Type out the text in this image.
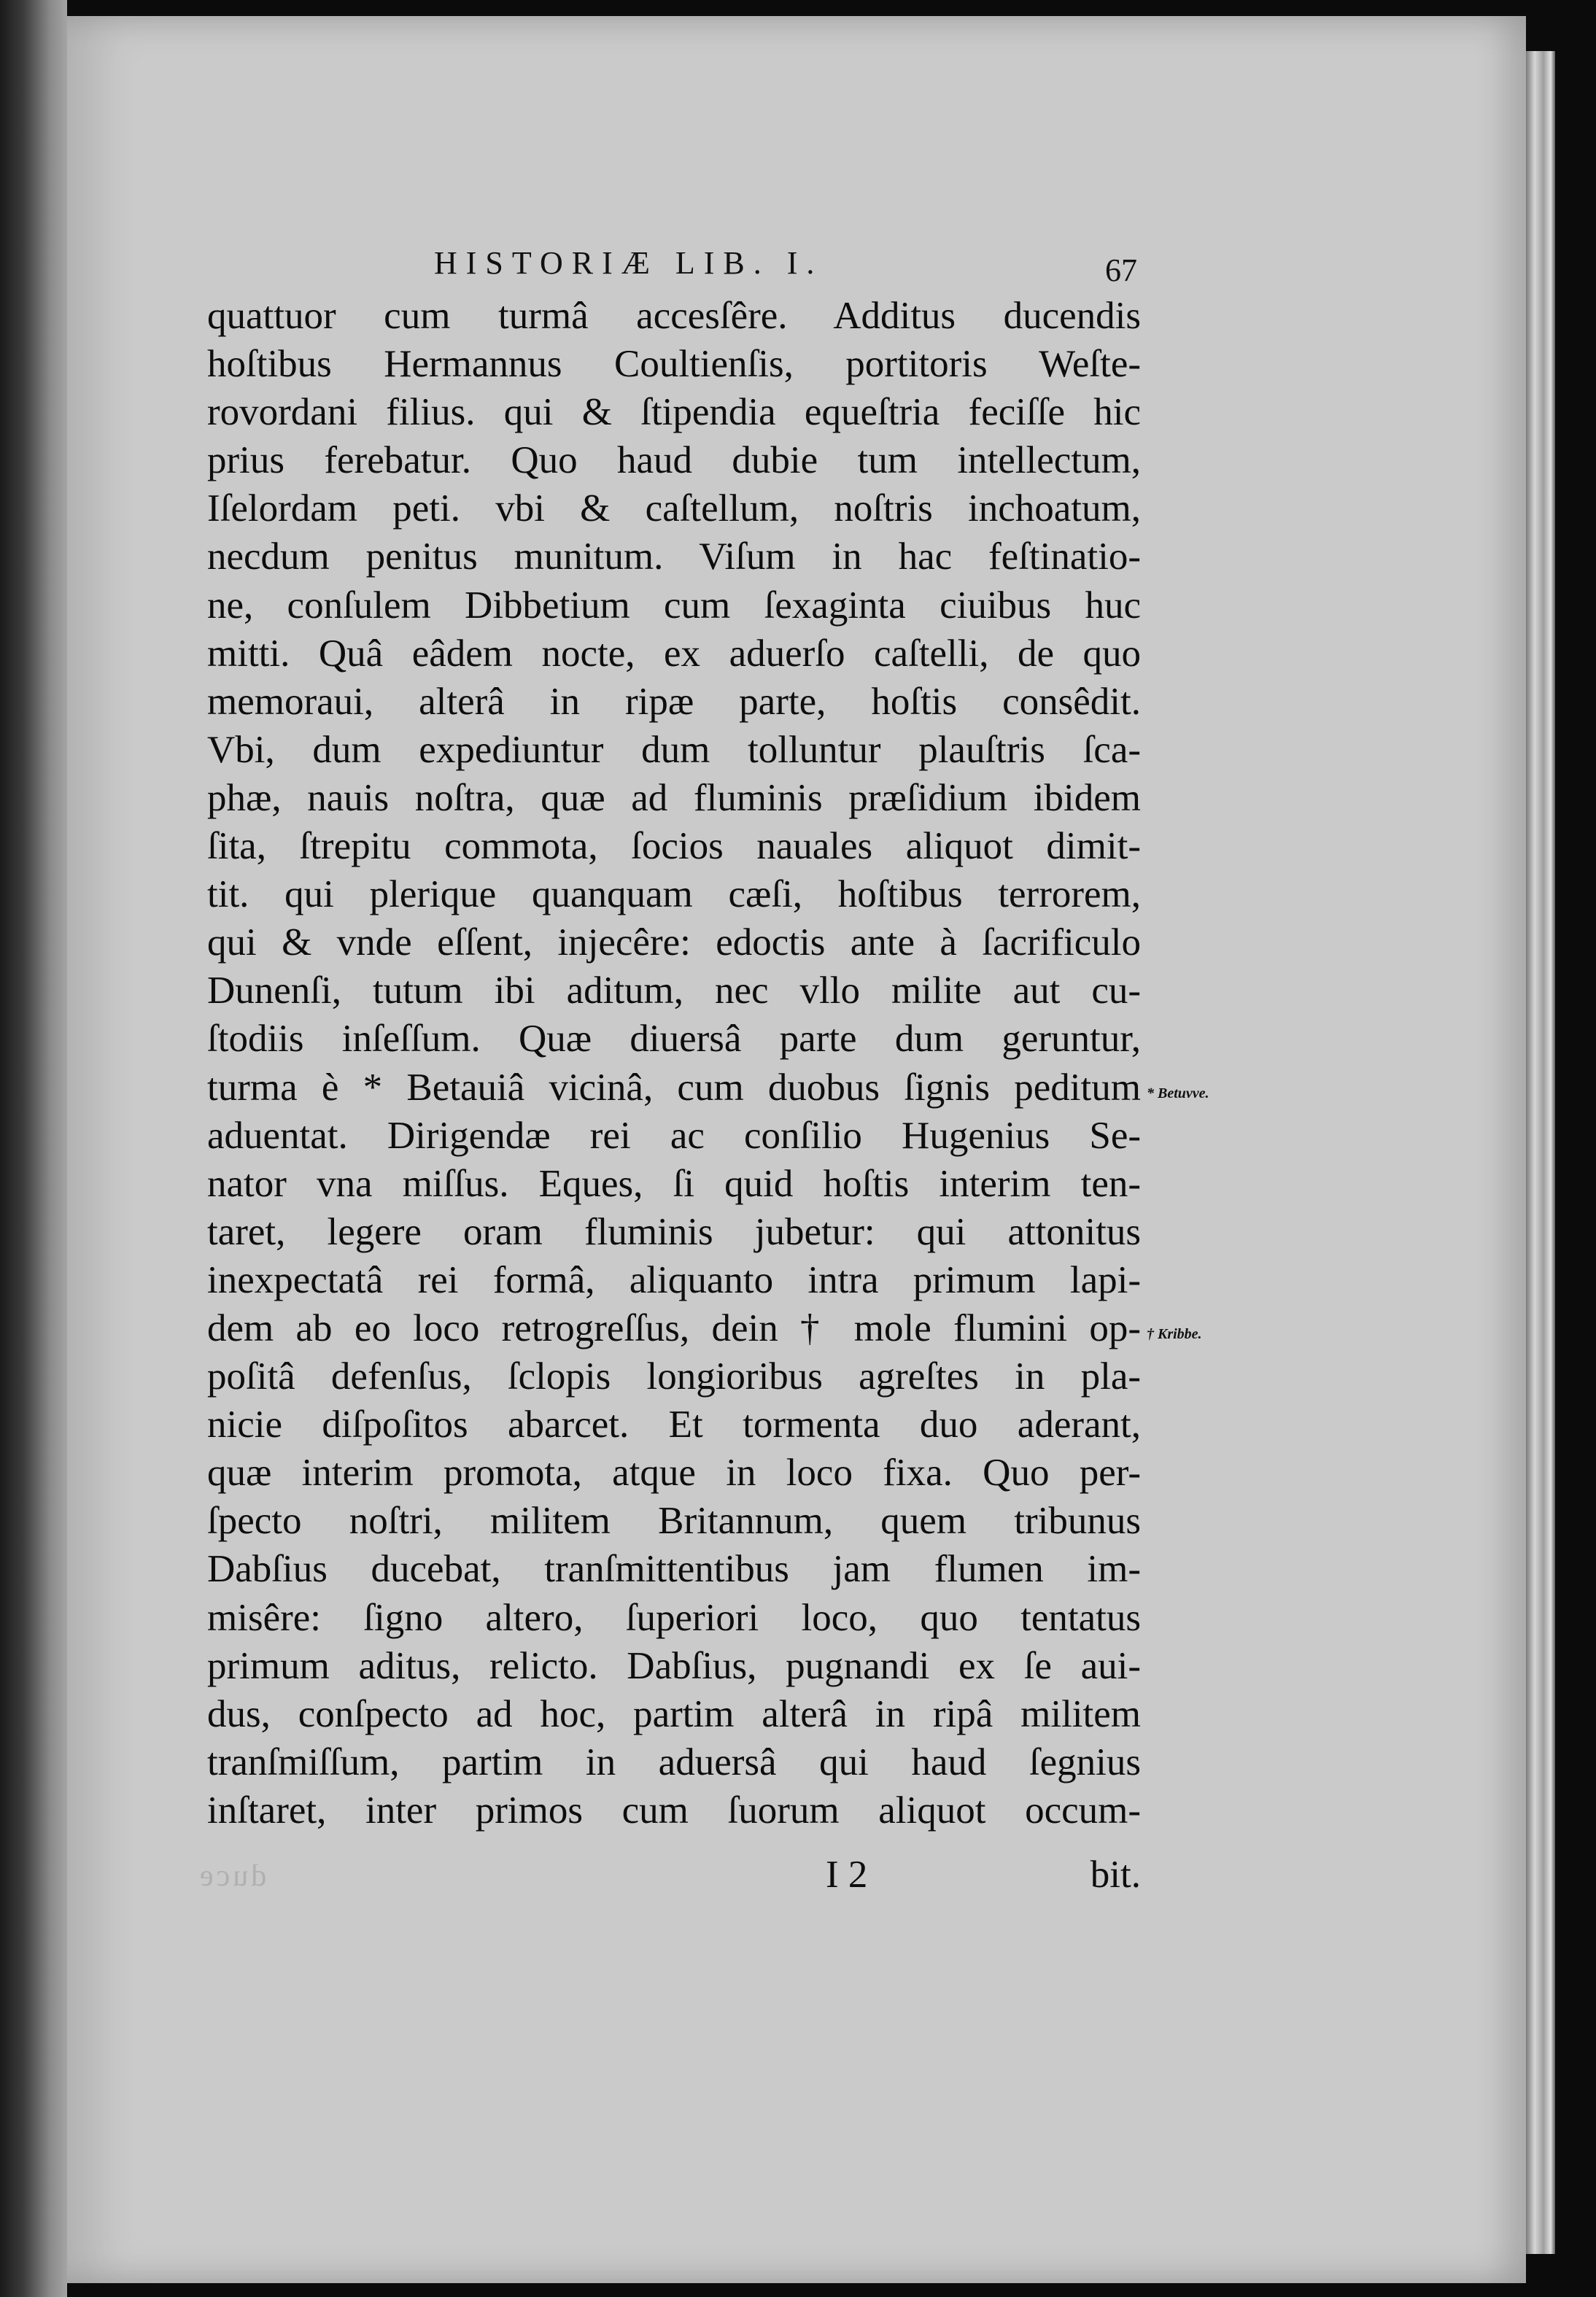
HISTORIÆ LIB. I.	67
quattuor cum turmâ accesſêre. Additus ducendis
hoſtibus Hermannus Coultienſis, portitoris Weſte-
rovordani filius. qui & ſtipendia equeſtria feciſſe hic
prius ferebatur. Quo haud dubie tum intellectum,
Iſelordam peti. vbi & caſtellum, noſtris inchoatum,
necdum penitus munitum. Viſum in hac feſtinatio-
ne, conſulem Dibbetium cum ſexaginta ciuibus huc
mitti. Quâ eâdem nocte, ex aduerſo caſtelli, de quo
memoraui, alterâ in ripæ parte, hoſtis consêdit.
Vbi, dum expediuntur dum tolluntur plauſtris ſca-
phæ, nauis noſtra, quæ ad fluminis præſidium ibidem
ſita, ſtrepitu commota, ſocios nauales aliquot dimit-
tit. qui plerique quanquam cæſi, hoſtibus terrorem,
qui & vnde eſſent, injecêre: edoctis ante à ſacrificulo
Dunenſi, tutum ibi aditum, nec vllo milite aut cu-
ſtodiis inſeſſum. Quæ diuersâ parte dum geruntur,
turma è * Betauiâ vicinâ, cum duobus ſignis peditum
aduentat. Dirigendæ rei ac conſilio Hugenius Se-
nator vna miſſus. Eques, ſi quid hoſtis interim ten-
taret, legere oram fluminis jubetur: qui attonitus
inexpectatâ rei formâ, aliquanto intra primum lapi-
dem ab eo loco retrogreſſus, dein † mole flumini op-
poſitâ defenſus, ſclopis longioribus agreſtes in pla-
nicie diſpoſitos abarcet. Et tormenta duo aderant,
quæ interim promota, atque in loco fixa. Quo per-
ſpecto noſtri, militem Britannum, quem tribunus
Dabſius ducebat, tranſmittentibus jam flumen im-
misêre: ſigno altero, ſuperiori loco, quo tentatus
primum aditus, relicto. Dabſius, pugnandi ex ſe aui-
dus, conſpecto ad hoc, partim alterâ in ripâ militem
tranſmiſſum, partim in aduersâ qui haud ſegnius
inſtaret, inter primos cum ſuorum aliquot occum-
* Betuvve.
† Kribbe.
duce	I 2	bit.
